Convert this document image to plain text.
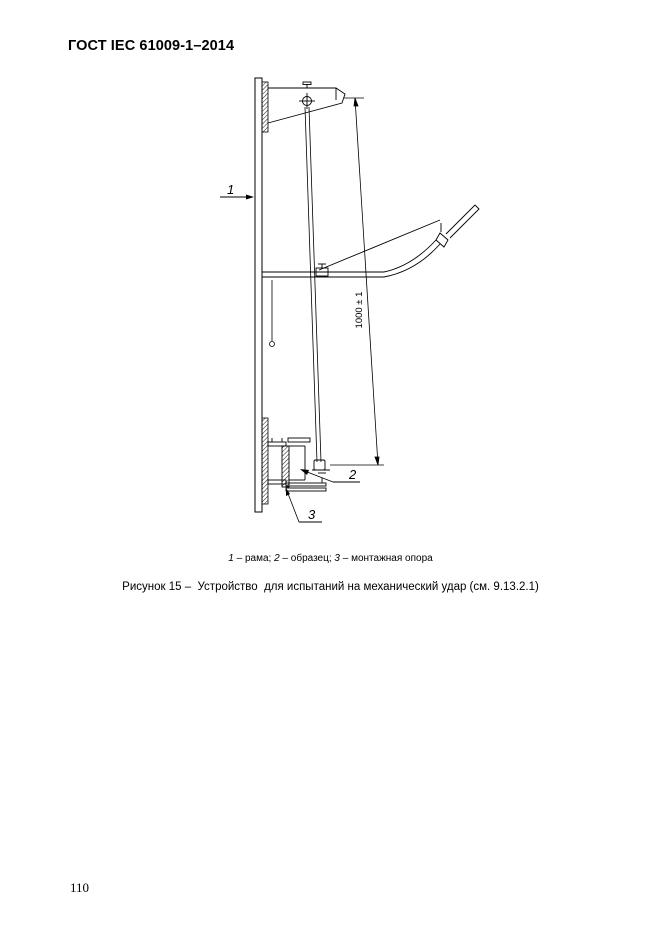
ГОСТ IEC 61009-1–2014
1000 ± 1
1
2
3
1 – рама; 2 – образец; 3 – монтажная опора
Рисунок 15 –  Устройство  для испытаний на механический удар (см. 9.13.2.1)
110
